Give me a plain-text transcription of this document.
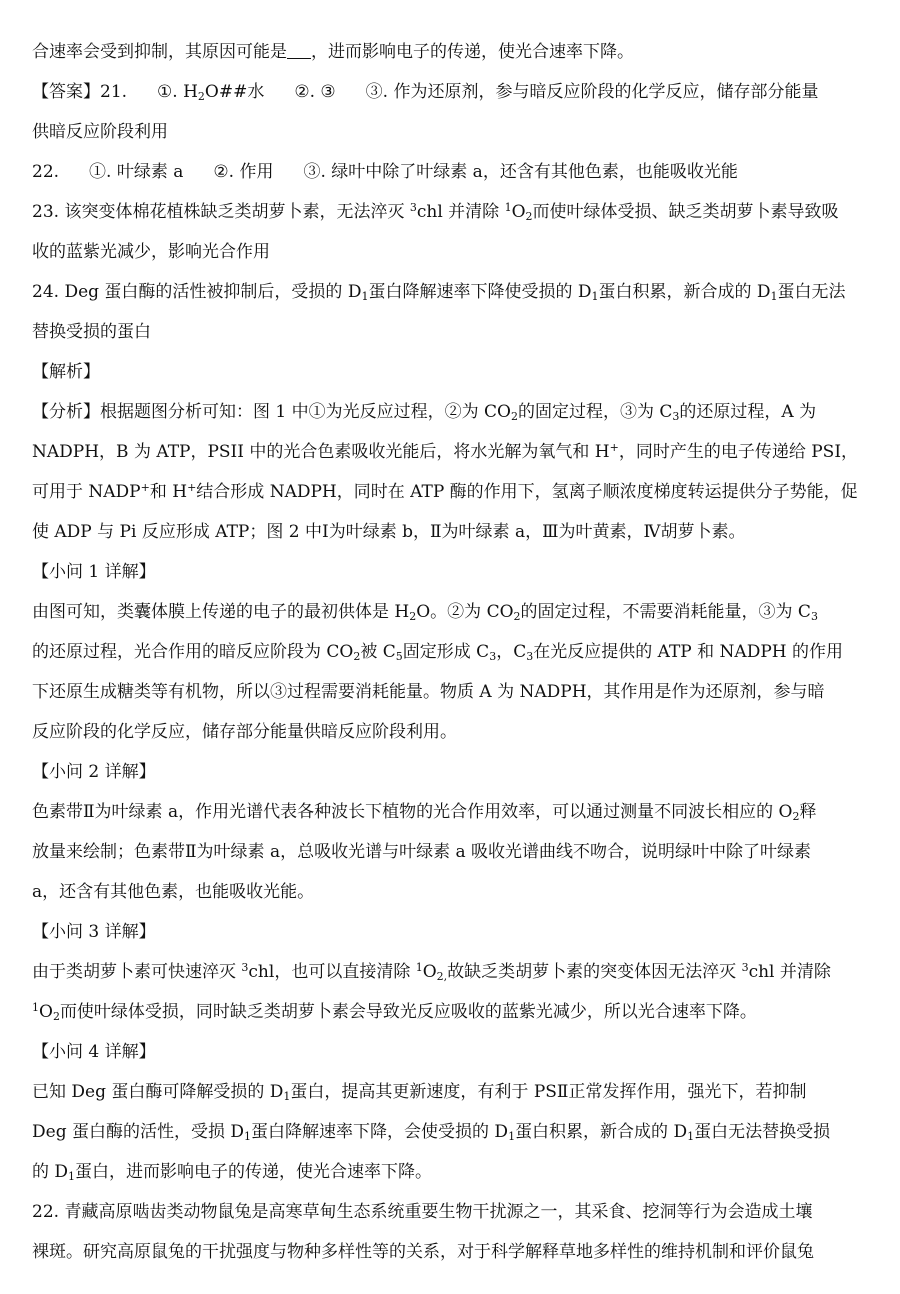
合速率会受到抑制，其原因可能是 ，进而影响电子的传递，使光合速率下降。
【答案】21. ①. $H_2O\#\#$水 ②. ③ ③. 作为还原剂，参与暗反应阶段的化学反应，储存部分能量
供暗反应阶段利用
22. ①. 叶绿素 a ②. 作用 ③. 绿叶中除了叶绿素 a，还含有其他色素，也能吸收光能
23. 该突变体棉花植株缺乏类胡萝卜素，无法淬灭 $^3$chl 并清除 $^1O_2$而使叶绿体受损、缺乏类胡萝卜素导致吸
收的蓝紫光减少，影响光合作用
24. Deg 蛋白酶的活性被抑制后，受损的 $D_1$蛋白降解速率下降使受损的 $D_1$蛋白积累，新合成的 $D_1$蛋白无法
替换受损的蛋白
【解析】
【分析】根据题图分析可知：图 1 中①为光反应过程，②为 $CO_2$的固定过程，③为 $C_3$的还原过程，A 为
NADPH，B 为 ATP，PSII 中的光合色素吸收光能后，将水光解为氧气和 H+，同时产生的电子传递给 PSⅠ，
可用于 NADP+和 H+结合形成 NADPH，同时在 ATP 酶的作用下，氢离子顺浓度梯度转运提供分子势能，促
使 ADP 与 Pi 反应形成 ATP；图 2 中Ⅰ为叶绿素 b，Ⅱ为叶绿素 a，Ⅲ为叶黄素，Ⅳ胡萝卜素。
【小问 1 详解】
由图可知，类囊体膜上传递的电子的最初供体是 $H_2O$。②为 $CO_2$的固定过程，不需要消耗能量，③为 $C_3$
的还原过程，光合作用的暗反应阶段为 $CO_2$被 $C_5$固定形成 $C_3$，$C_3$在光反应提供的 ATP 和 NADPH 的作用
下还原生成糖类等有机物，所以③过程需要消耗能量。物质 A 为 NADPH，其作用是作为还原剂，参与暗
反应阶段的化学反应，储存部分能量供暗反应阶段利用。
【小问 2 详解】
色素带Ⅱ为叶绿素 a，作用光谱代表各种波长下植物的光合作用效率，可以通过测量不同波长相应的 $O_2$释
放量来绘制；色素带Ⅱ为叶绿素 a，总吸收光谱与叶绿素 a 吸收光谱曲线不吻合，说明绿叶中除了叶绿素
a，还含有其他色素，也能吸收光能。
【小问 3 详解】
由于类胡萝卜素可快速淬灭 $^3$chl，也可以直接清除 $^1O_{2,}$故缺乏类胡萝卜素的突变体因无法淬灭 $^3$chl 并清除
$^1O_2$而使叶绿体受损，同时缺乏类胡萝卜素会导致光反应吸收的蓝紫光减少，所以光合速率下降。
【小问 4 详解】
已知 Deg 蛋白酶可降解受损的 $D_1$蛋白，提高其更新速度，有利于 PSⅡ正常发挥作用，强光下，若抑制
Deg 蛋白酶的活性，受损 $D_1$蛋白降解速率下降，会使受损的 $D_1$蛋白积累，新合成的 $D_1$蛋白无法替换受损
的 $D_1$蛋白，进而影响电子的传递，使光合速率下降。
22. 青藏高原啮齿类动物鼠兔是高寒草甸生态系统重要生物干扰源之一，其采食、挖洞等行为会造成土壤
裸斑。研究高原鼠兔的干扰强度与物种多样性等的关系，对于科学解释草地多样性的维持机制和评价鼠兔
